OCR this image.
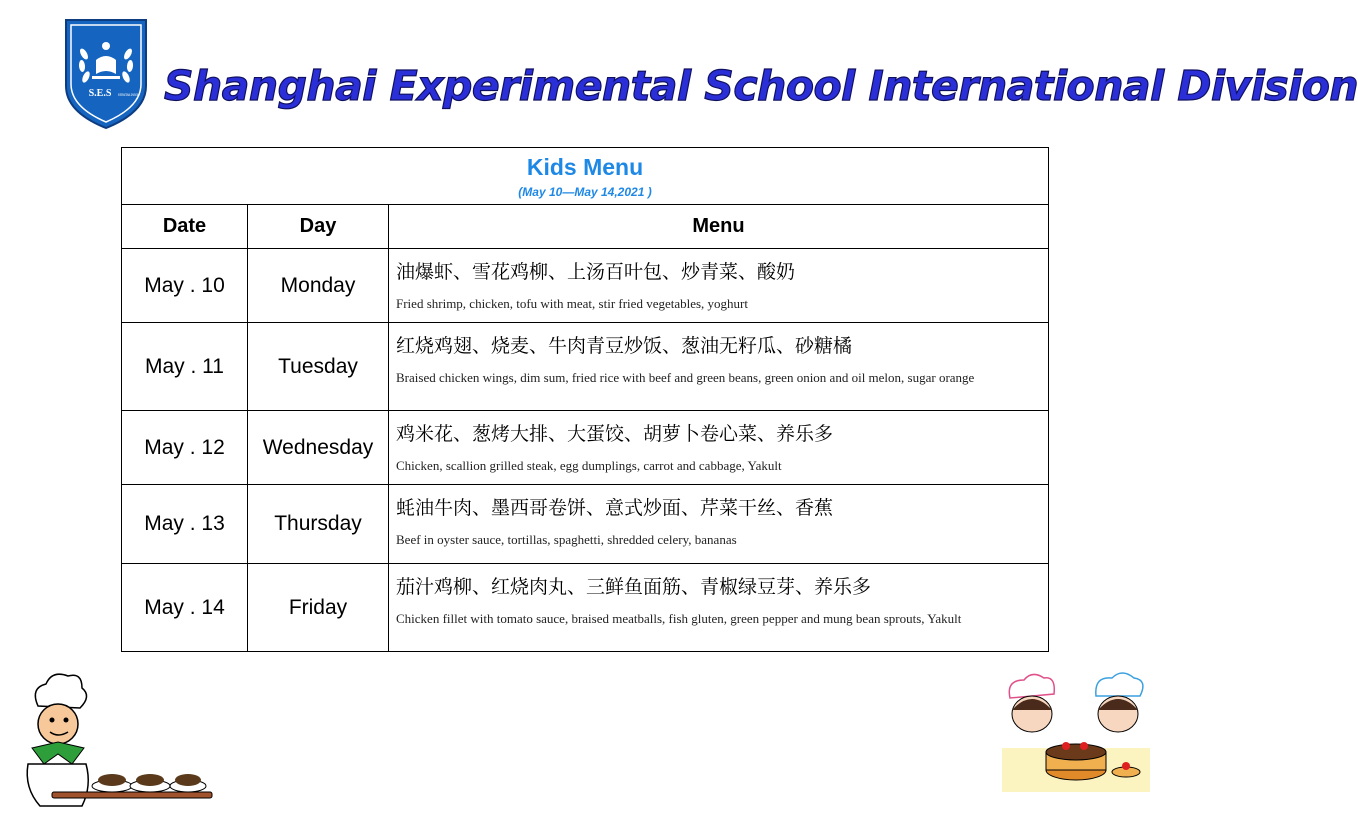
S.E.S INTERNATIONAL DIVISION Shanghai Experimental School International Division
Kids Menu
(May 10—May 14,2021 )		

Date	Day	Menu
May . 10	Monday	油爆虾、雪花鸡柳、上汤百叶包、炒青菜、酸奶
Fried shrimp, chicken, tofu with meat, stir fried vegetables, yoghurt

May . 11	Tuesday	红烧鸡翅、烧麦、牛肉青豆炒饭、葱油无籽瓜、砂糖橘
Braised chicken wings, dim sum, fried rice with beef and green beans, green onion and oil melon, sugar orange

May . 12	Wednesday	鸡米花、葱烤大排、大蛋饺、胡萝卜卷心菜、养乐多
Chicken, scallion grilled steak, egg dumplings, carrot and cabbage, Yakult

May . 13	Thursday	蚝油牛肉、墨西哥卷饼、意式炒面、芹菜干丝、香蕉
Beef in oyster sauce, tortillas, spaghetti, shredded celery, bananas

May . 14	Friday	茄汁鸡柳、红烧肉丸、三鲜鱼面筋、青椒绿豆芽、养乐多
Chicken fillet with tomato sauce, braised meatballs, fish gluten, green pepper and mung bean sprouts, Yakult
